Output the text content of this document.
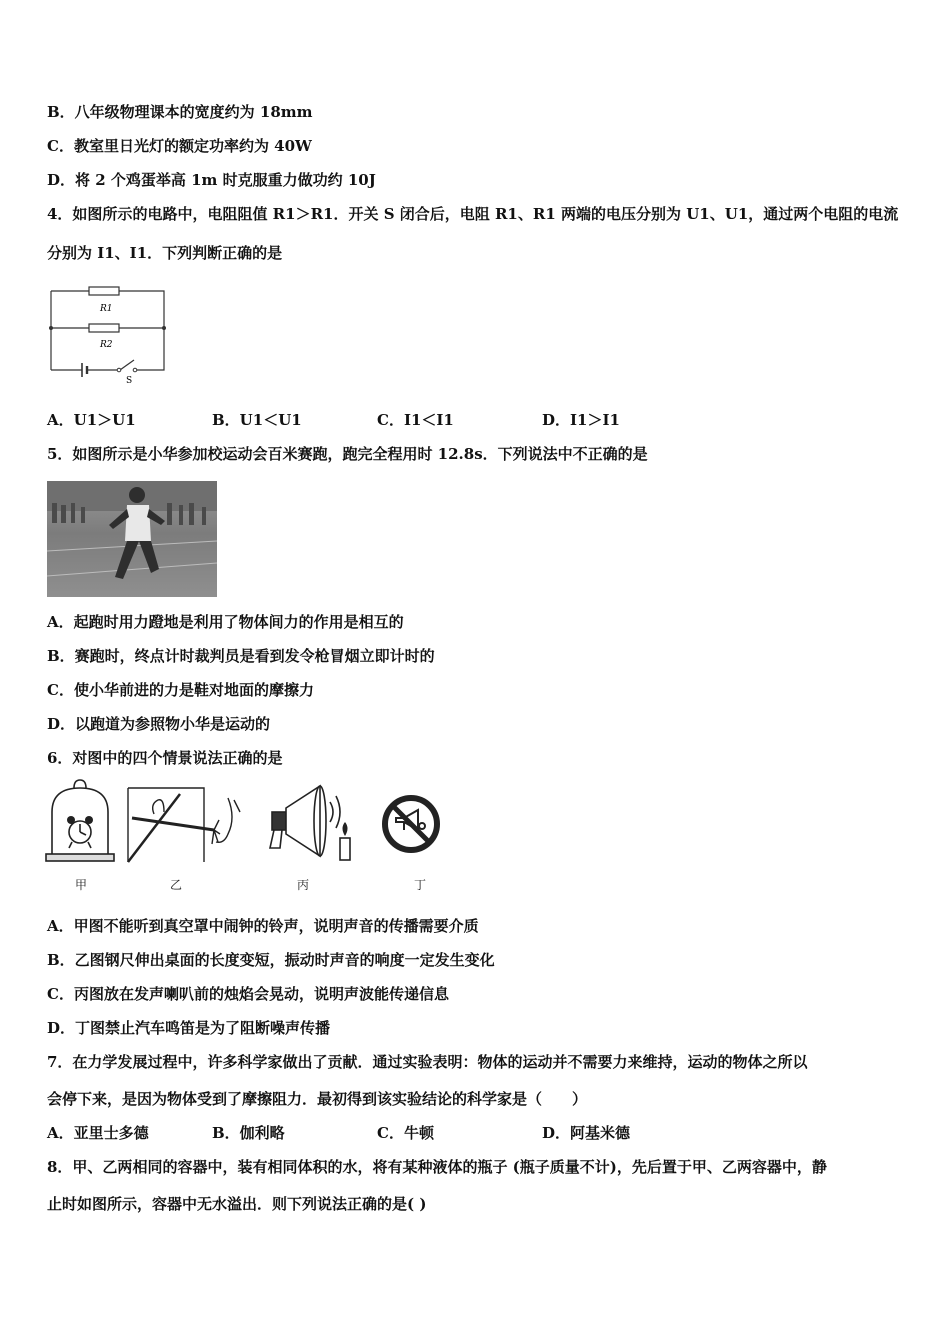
B．八年级物理课本的宽度约为 18mm
C．教室里日光灯的额定功率约为 40W
D．将 2 个鸡蛋举高 1m 时克服重力做功约 10J
4．如图所示的电路中，电阻阻值 R1＞R1．开关 S 闭合后，电阻 R1、R1 两端的电压分别为 U1、U1，通过两个电阻的电流
分别为 I1、I1．下列判断正确的是
R1
R2
S
A．U1＞U1	B．U1＜U1	C．I1＜I1	D．I1＞I1
5．如图所示是小华参加校运动会百米赛跑，跑完全程用时 12.8s．下列说法中不正确的是
A．起跑时用力蹬地是利用了物体间力的作用是相互的
B．赛跑时，终点计时裁判员是看到发令枪冒烟立即计时的
C．使小华前进的力是鞋对地面的摩擦力
D．以跑道为参照物小华是运动的
6．对图中的四个情景说法正确的是
甲	乙	丙	丁
A．甲图不能听到真空罩中闹钟的铃声，说明声音的传播需要介质
B．乙图钢尺伸出桌面的长度变短，振动时声音的响度一定发生变化
C．丙图放在发声喇叭前的烛焰会晃动，说明声波能传递信息
D．丁图禁止汽车鸣笛是为了阻断噪声传播
7．在力学发展过程中，许多科学家做出了贡献．通过实验表明：物体的运动并不需要力来维持，运动的物体之所以
会停下来，是因为物体受到了摩擦阻力．最初得到该实验结论的科学家是（　　）
A．亚里士多德	B．伽利略	C．牛顿	D．阿基米德
8．甲、乙两相同的容器中，装有相同体积的水，将有某种液体的瓶子 (瓶子质量不计)，先后置于甲、乙两容器中，静
止时如图所示，容器中无水溢出．则下列说法正确的是( )
